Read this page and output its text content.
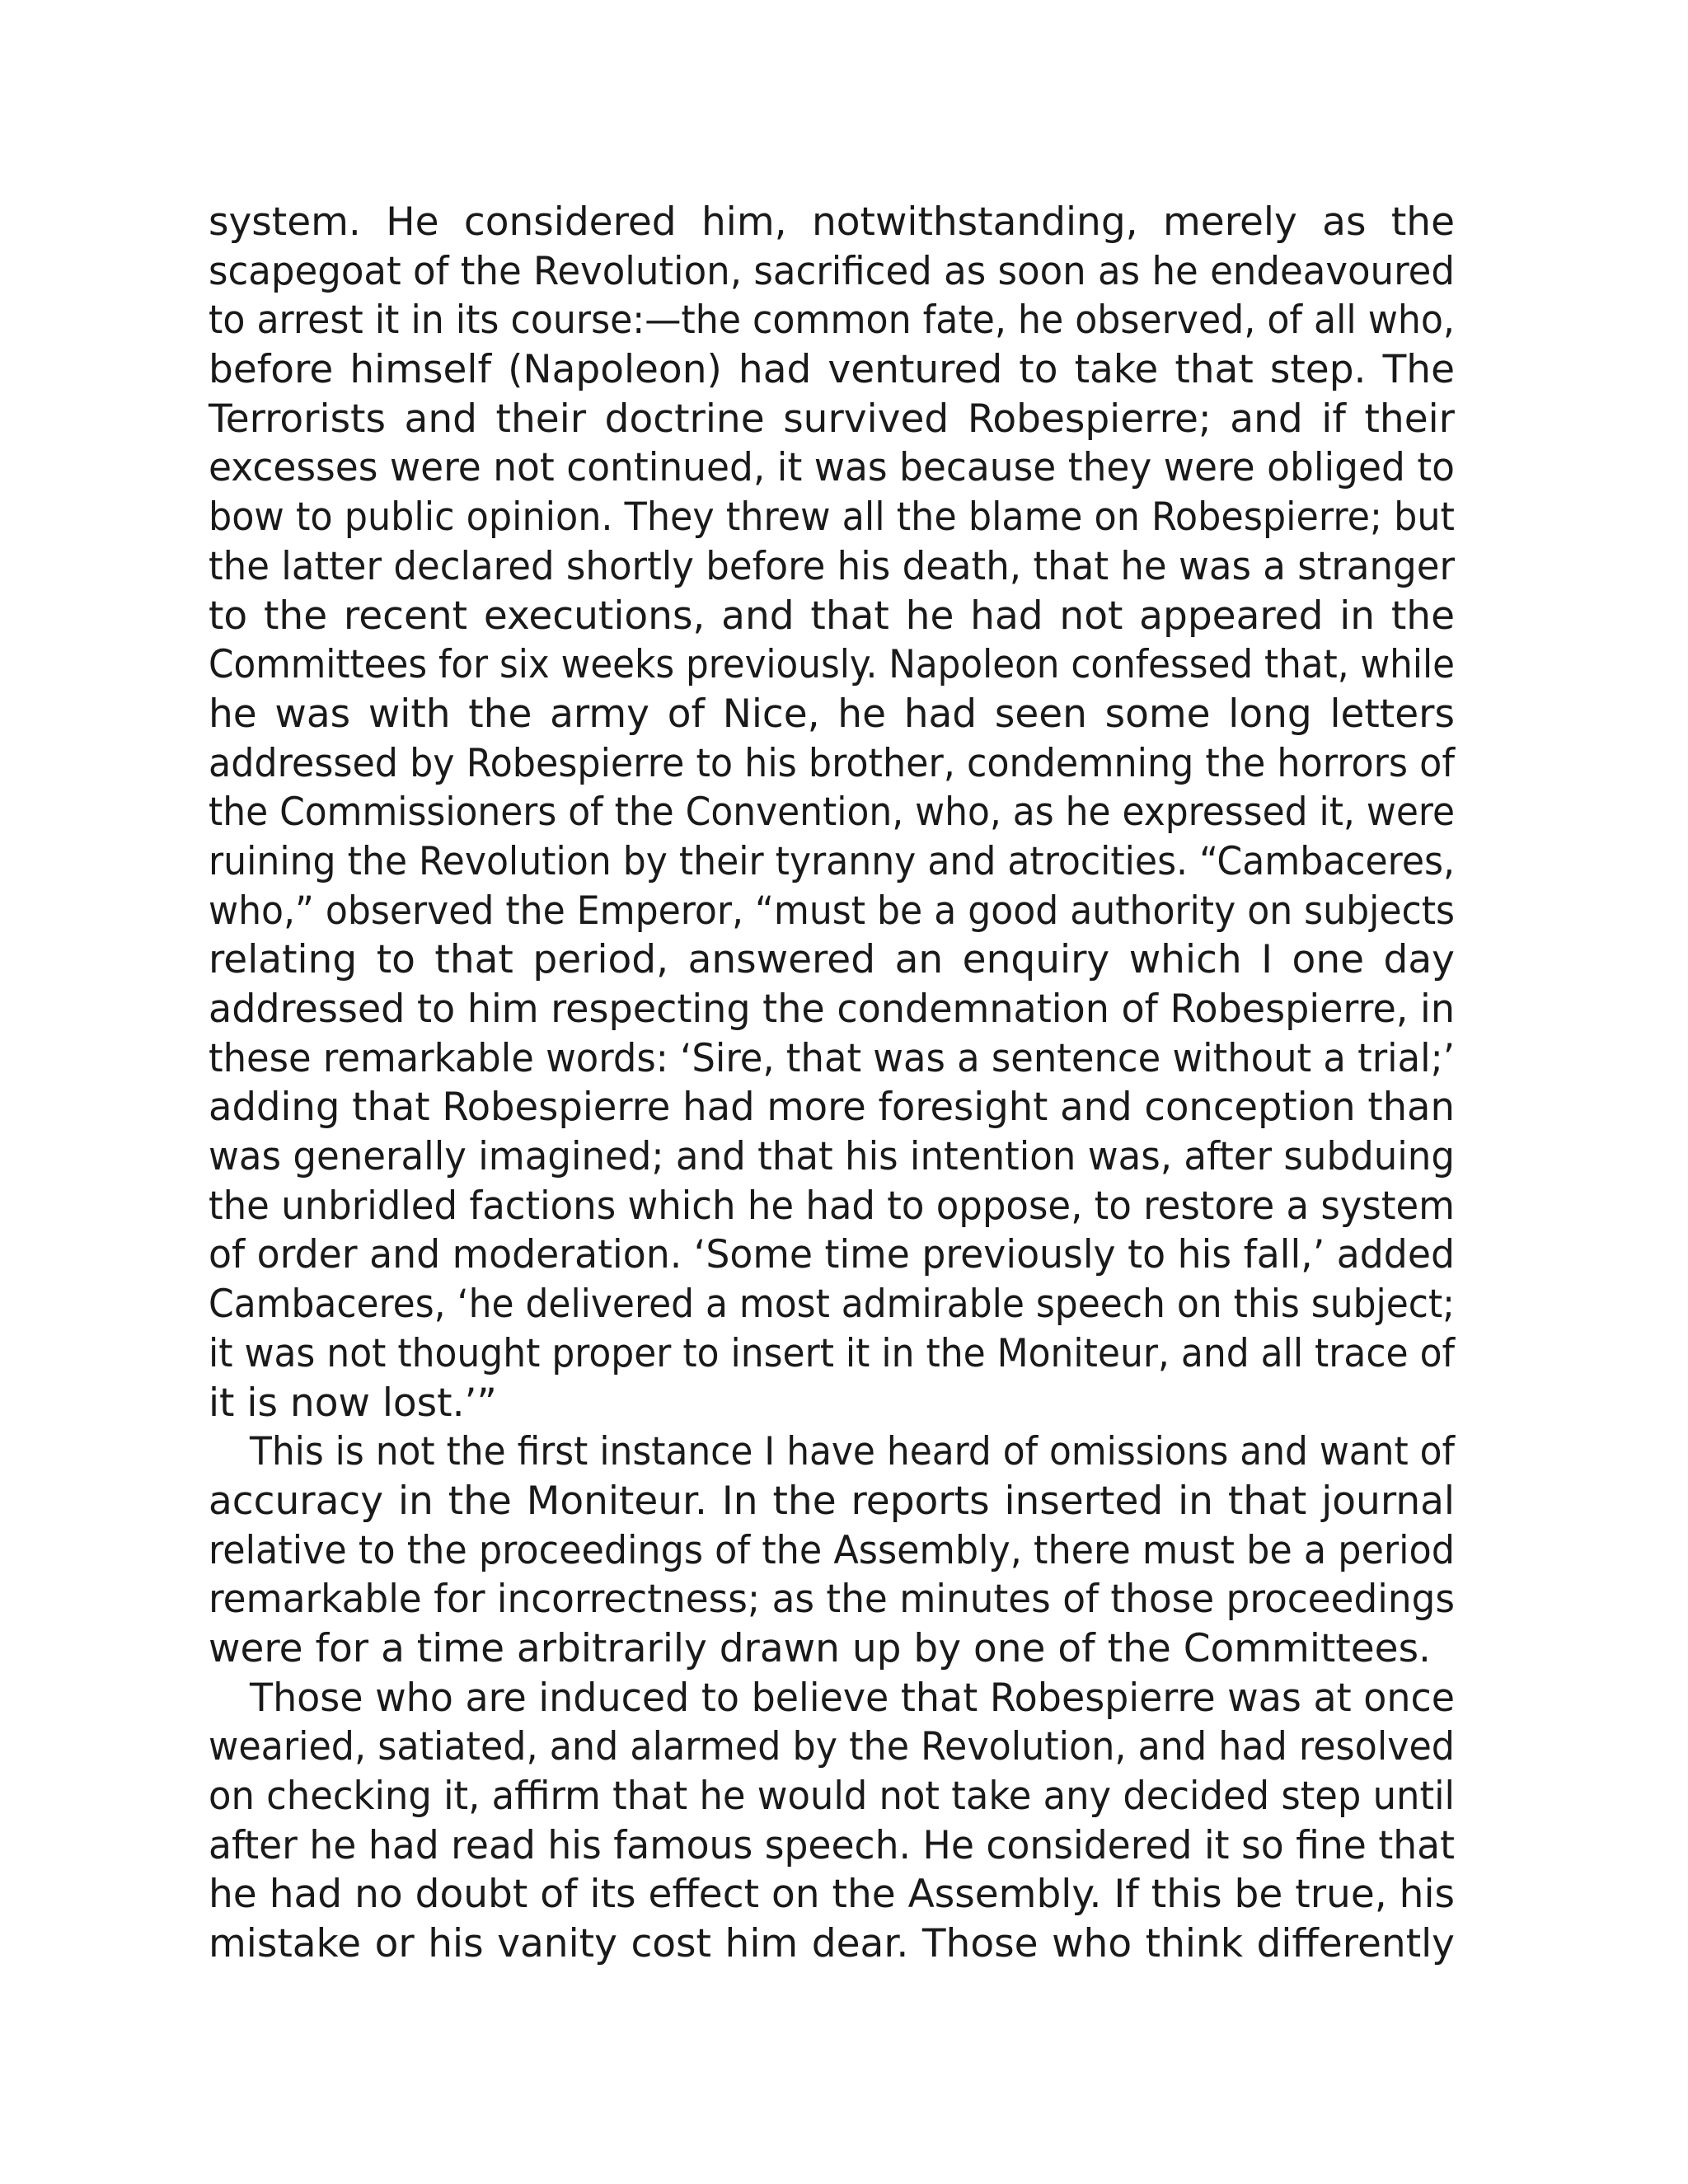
system. He considered him, notwithstanding, merely as the
scapegoat of the Revolution, sacrificed as soon as he endeavoured
to arrest it in its course:—the common fate, he observed, of all who,
before himself (Napoleon) had ventured to take that step. The
Terrorists and their doctrine survived Robespierre; and if their
excesses were not continued, it was because they were obliged to
bow to public opinion. They threw all the blame on Robespierre; but
the latter declared shortly before his death, that he was a stranger
to the recent executions, and that he had not appeared in the
Committees for six weeks previously. Napoleon confessed that, while
he was with the army of Nice, he had seen some long letters
addressed by Robespierre to his brother, condemning the horrors of
the Commissioners of the Convention, who, as he expressed it, were
ruining the Revolution by their tyranny and atrocities. “Cambaceres,
who,” observed the Emperor, “must be a good authority on subjects
relating to that period, answered an enquiry which I one day
addressed to him respecting the condemnation of Robespierre, in
these remarkable words: ‘Sire, that was a sentence without a trial;’
adding that Robespierre had more foresight and conception than
was generally imagined; and that his intention was, after subduing
the unbridled factions which he had to oppose, to restore a system
of order and moderation. ‘Some time previously to his fall,’ added
Cambaceres, ‘he delivered a most admirable speech on this subject;
it was not thought proper to insert it in the Moniteur, and all trace of
it is now lost.’”
This is not the first instance I have heard of omissions and want of
accuracy in the Moniteur. In the reports inserted in that journal
relative to the proceedings of the Assembly, there must be a period
remarkable for incorrectness; as the minutes of those proceedings
were for a time arbitrarily drawn up by one of the Committees.
Those who are induced to believe that Robespierre was at once
wearied, satiated, and alarmed by the Revolution, and had resolved
on checking it, affirm that he would not take any decided step until
after he had read his famous speech. He considered it so fine that
he had no doubt of its effect on the Assembly. If this be true, his
mistake or his vanity cost him dear. Those who think differently
